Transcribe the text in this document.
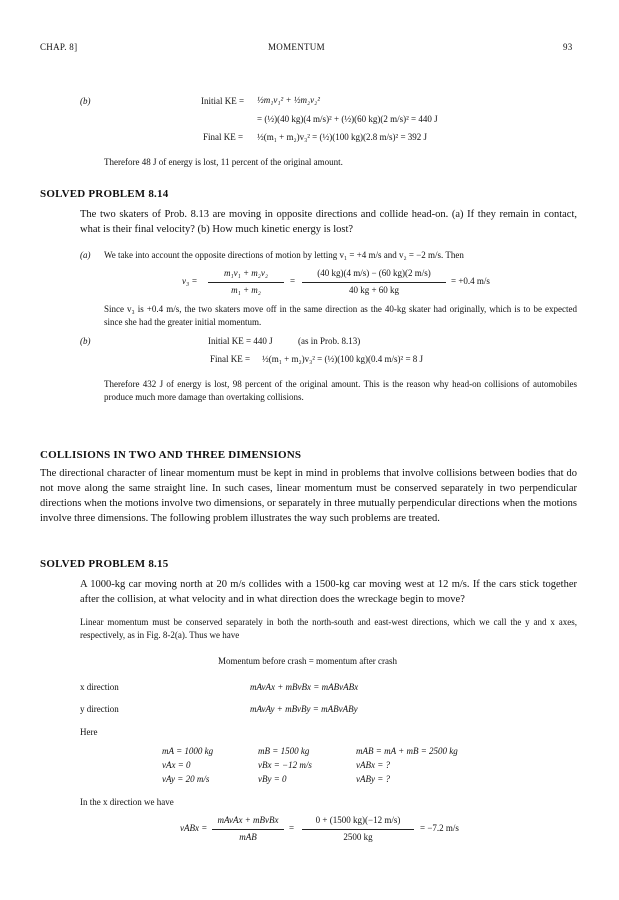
CHAP. 8]	MOMENTUM	93
(b)	Initial KE = ½m₁v₁² + ½m₂v₂²
= (½)(40 kg)(4 m/s)² + (½)(60 kg)(2 m/s)² = 440 J
Final KE = ½(m₁ + m₂)v₃² = (½)(100 kg)(2.8 m/s)² = 392 J
Therefore 48 J of energy is lost, 11 percent of the original amount.
SOLVED PROBLEM 8.14
The two skaters of Prob. 8.13 are moving in opposite directions and collide head-on. (a) If they remain in contact, what is their final velocity? (b) How much kinetic energy is lost?
(a) We take into account the opposite directions of motion by letting v₁ = +4 m/s and v₂ = −2 m/s. Then
v₃ =
m₁v₁ + m₂v₂
m₁ + m₂
=
(40 kg)(4 m/s) − (60 kg)(2 m/s)
40 kg + 60 kg
= +0.4 m/s
Since v₃ is +0.4 m/s, the two skaters move off in the same direction as the 40-kg skater had originally, which is to be expected since she had the greater initial momentum.
(b)	Initial KE = 440 J	(as in Prob. 8.13)
Final KE = ½(m₁ + m₂)v₃² = (½)(100 kg)(0.4 m/s)² = 8 J
Therefore 432 J of energy is lost, 98 percent of the original amount. This is the reason why head-on collisions of automobiles produce much more damage than overtaking collisions.
COLLISIONS IN TWO AND THREE DIMENSIONS
The directional character of linear momentum must be kept in mind in problems that involve collisions between bodies that do not move along the same straight line. In such cases, linear momentum must be conserved separately in two perpendicular directions when the motions involve two dimensions, or separately in three mutually perpendicular directions when the motions involve three dimensions. The following problem illustrates the way such problems are treated.
SOLVED PROBLEM 8.15
A 1000-kg car moving north at 20 m/s collides with a 1500-kg car moving west at 12 m/s. If the cars stick together after the collision, at what velocity and in what direction does the wreckage begin to move?
Linear momentum must be conserved separately in both the north-south and east-west directions, which we call the y and x axes, respectively, as in Fig. 8-2(a). Thus we have
Momentum before crash = momentum after crash
x direction	mAvAx + mBvBx = mABvABx
y direction	mAvAy + mBvBy = mABvABy
Here
mA = 1000 kg	mB = 1500 kg	mAB = mA + mB = 2500 kg
vAx = 0	vBx = −12 m/s	vABx = ?
vAy = 20 m/s	vBy = 0	vABy = ?
In the x direction we have
vABx =
mAvAx + mBvBx
mAB
=
0 + (1500 kg)(−12 m/s)
2500 kg
= −7.2 m/s
